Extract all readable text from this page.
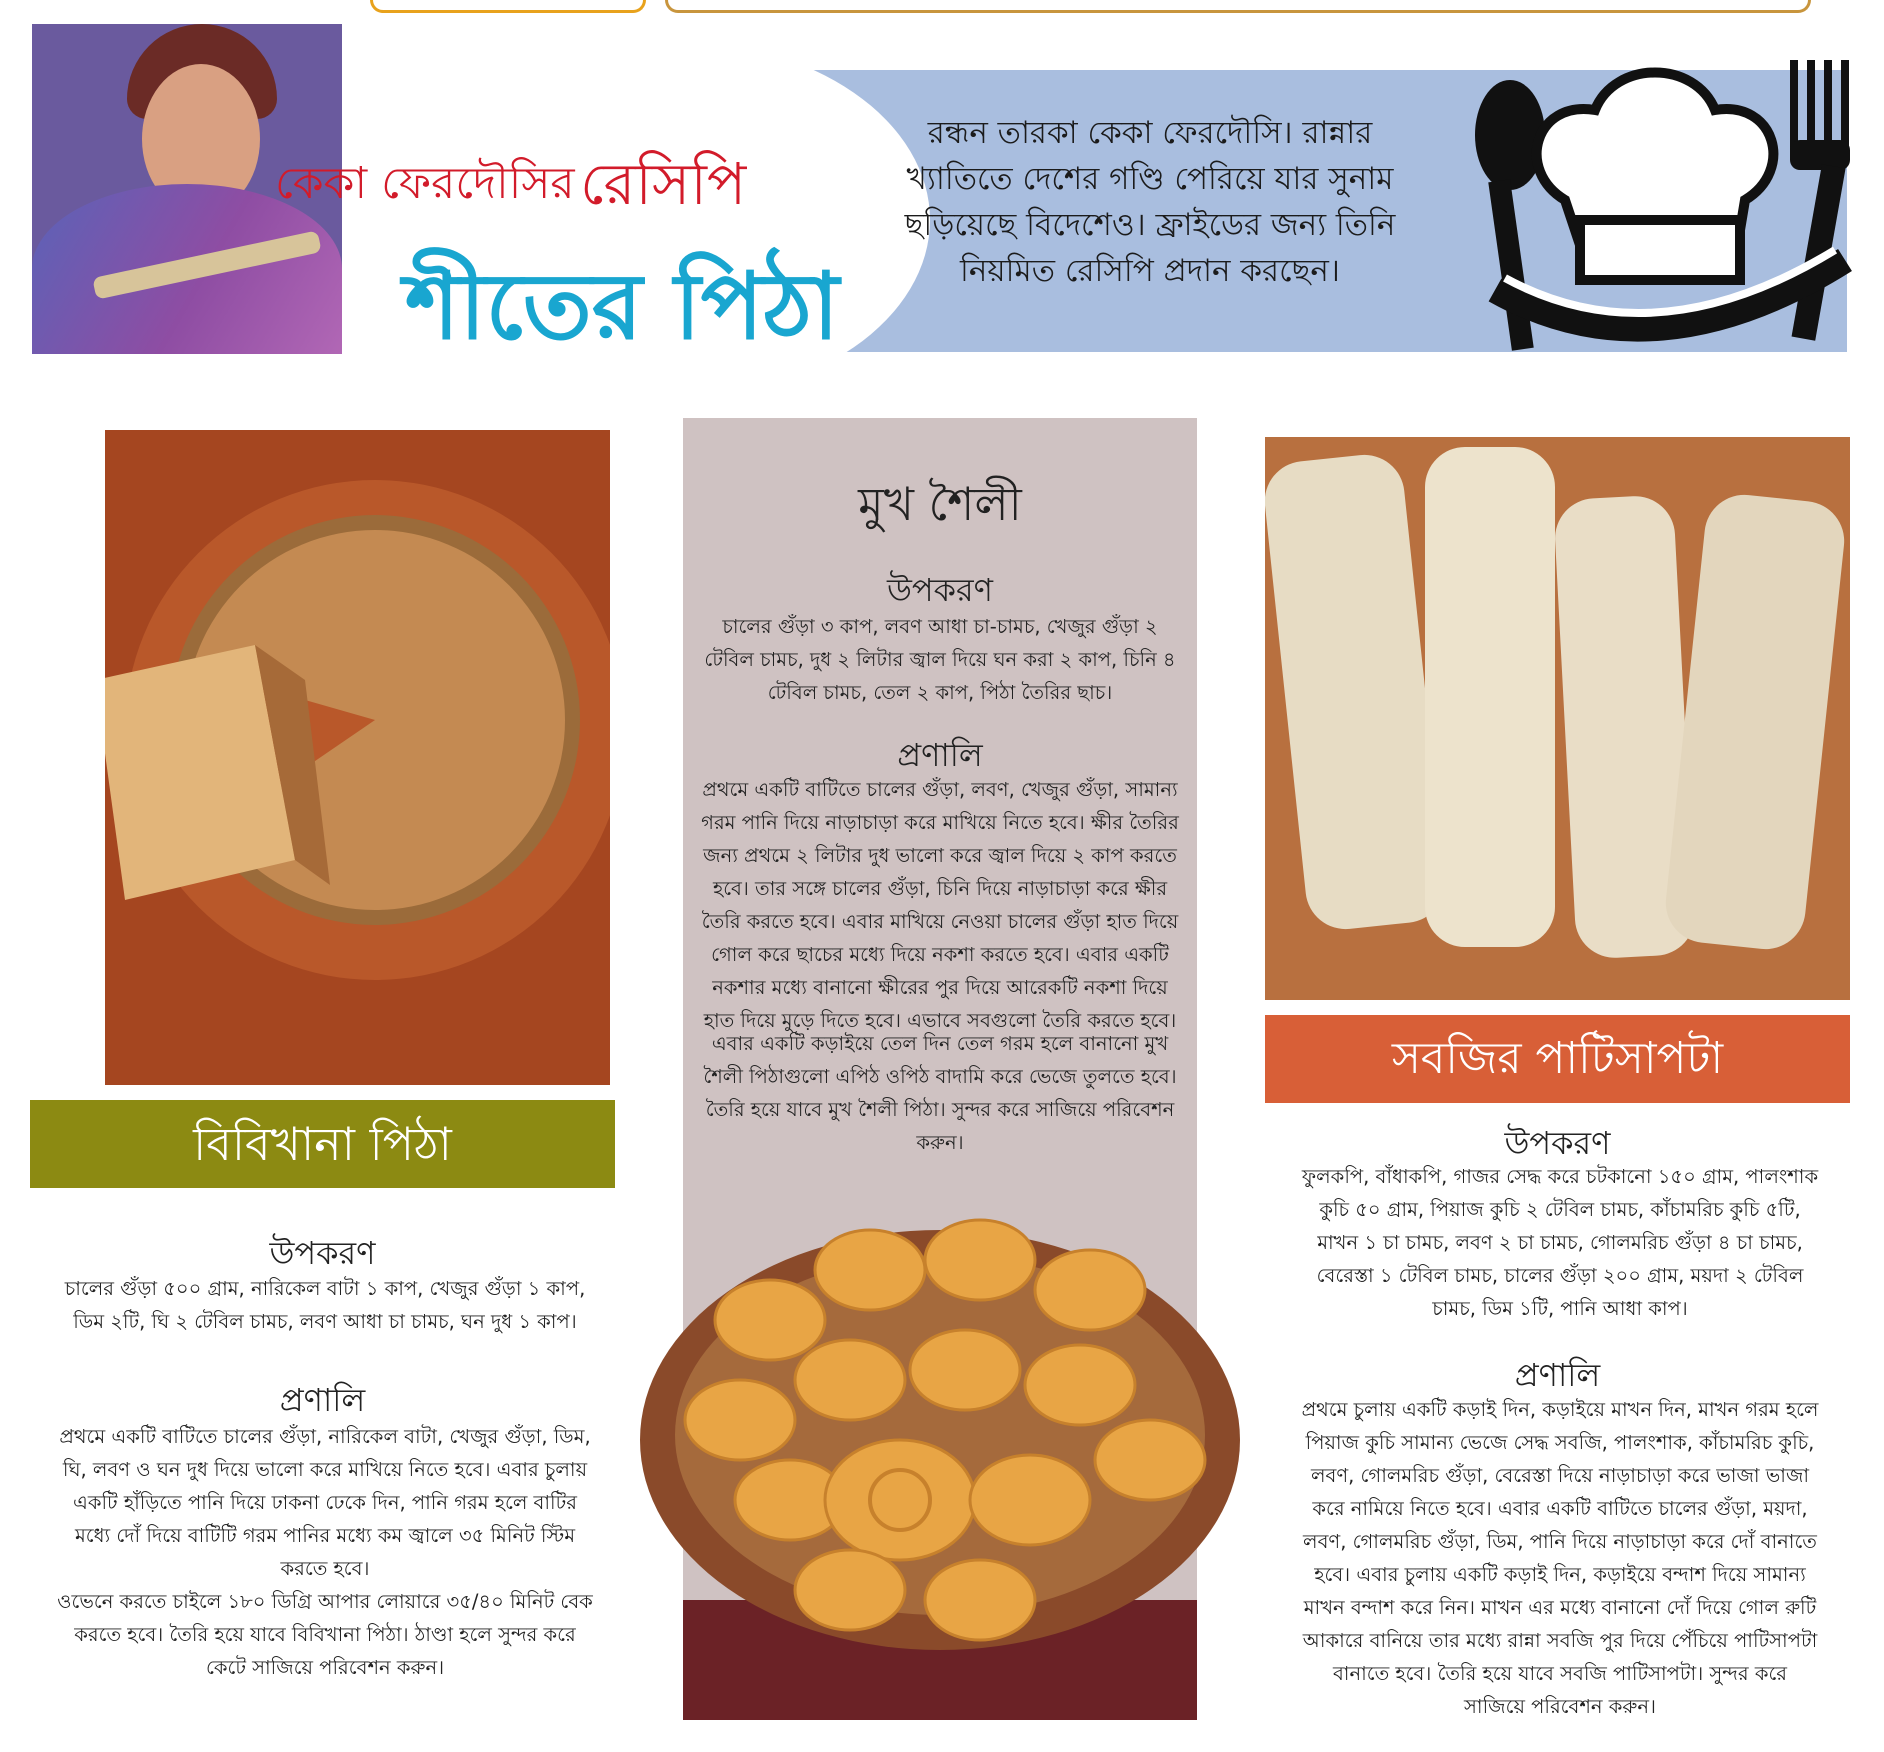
কেকা ফেরদৌসির রেসিপি
শীতের পিঠা
রন্ধন তারকা কেকা ফেরদৌসি। রান্নার
খ্যাতিতে দেশের গণ্ডি পেরিয়ে যার সুনাম
ছড়িয়েছে বিদেশেও। ফ্রাইডের জন্য তিনি
নিয়মিত রেসিপি প্রদান করছেন।
বিবিখানা পিঠা
উপকরণ
চালের গুঁড়া ৫০০ গ্রাম, নারিকেল বাটা ১ কাপ, খেজুর গুঁড়া ১ কাপ, ডিম ২টি, ঘি ২ টেবিল চামচ, লবণ আধা চা চামচ, ঘন দুধ ১ কাপ।
প্রণালি
প্রথমে একটি বাটিতে চালের গুঁড়া, নারিকেল বাটা, খেজুর গুঁড়া, ডিম, ঘি, লবণ ও ঘন দুধ দিয়ে ভালো করে মাখিয়ে নিতে হবে। এবার চুলায় একটি হাঁড়িতে পানি দিয়ে ঢাকনা ঢেকে দিন, পানি গরম হলে বাটির মধ্যে দোঁ দিয়ে বাটিটি গরম পানির মধ্যে কম জ্বালে ৩৫ মিনিট স্টিম করতে হবে।
ওভেনে করতে চাইলে ১৮০ ডিগ্রি আপার লোয়ারে ৩৫/৪০ মিনিট বেক করতে হবে। তৈরি হয়ে যাবে বিবিখানা পিঠা। ঠাণ্ডা হলে সুন্দর করে কেটে সাজিয়ে পরিবেশন করুন।
মুখ শৈলী
উপকরণ
চালের গুঁড়া ৩ কাপ, লবণ আধা চা-চামচ, খেজুর গুঁড়া ২ টেবিল চামচ, দুধ ২ লিটার জ্বাল দিয়ে ঘন করা ২ কাপ, চিনি ৪ টেবিল চামচ, তেল ২ কাপ, পিঠা তৈরির ছাচ।
প্রণালি
প্রথমে একটি বাটিতে চালের গুঁড়া, লবণ, খেজুর গুঁড়া, সামান্য গরম পানি দিয়ে নাড়াচাড়া করে মাখিয়ে নিতে হবে। ক্ষীর তৈরির জন্য প্রথমে ২ লিটার দুধ ভালো করে জ্বাল দিয়ে ২ কাপ করতে হবে। তার সঙ্গে চালের গুঁড়া, চিনি দিয়ে নাড়াচাড়া করে ক্ষীর তৈরি করতে হবে। এবার মাখিয়ে নেওয়া চালের গুঁড়া হাত দিয়ে গোল করে ছাচের মধ্যে দিয়ে নকশা করতে হবে। এবার একটি নকশার মধ্যে বানানো ক্ষীরের পুর দিয়ে আরেকটি নকশা দিয়ে হাত দিয়ে মুড়ে দিতে হবে। এভাবে সবগুলো তৈরি করতে হবে।
এবার একটি কড়াইয়ে তেল দিন তেল গরম হলে বানানো মুখ শৈলী পিঠাগুলো এপিঠ ওপিঠ বাদামি করে ভেজে তুলতে হবে। তৈরি হয়ে যাবে মুখ শৈলী পিঠা। সুন্দর করে সাজিয়ে পরিবেশন করুন।
সবজির পাটিসাপটা
উপকরণ
ফুলকপি, বাঁধাকপি, গাজর সেদ্ধ করে চটকানো ১৫০ গ্রাম, পালংশাক কুচি ৫০ গ্রাম, পিয়াজ কুচি ২ টেবিল চামচ, কাঁচামরিচ কুচি ৫টি, মাখন ১ চা চামচ, লবণ ২ চা চামচ, গোলমরিচ গুঁড়া ৪ চা চামচ, বেরেস্তা ১ টেবিল চামচ, চালের গুঁড়া ২০০ গ্রাম, ময়দা ২ টেবিল চামচ, ডিম ১টি, পানি আধা কাপ।
প্রণালি
প্রথমে চুলায় একটি কড়াই দিন, কড়াইয়ে মাখন দিন, মাখন গরম হলে পিয়াজ কুচি সামান্য ভেজে সেদ্ধ সবজি, পালংশাক, কাঁচামরিচ কুচি, লবণ, গোলমরিচ গুঁড়া, বেরেস্তা দিয়ে নাড়াচাড়া করে ভাজা ভাজা করে নামিয়ে নিতে হবে। এবার একটি বাটিতে চালের গুঁড়া, ময়দা, লবণ, গোলমরিচ গুঁড়া, ডিম, পানি দিয়ে নাড়াচাড়া করে দোঁ বানাতে হবে। এবার চুলায় একটি কড়াই দিন, কড়াইয়ে বন্দাশ দিয়ে সামান্য মাখন বন্দাশ করে নিন। মাখন এর মধ্যে বানানো দোঁ দিয়ে গোল রুটি আকারে বানিয়ে তার মধ্যে রান্না সবজি পুর দিয়ে পেঁচিয়ে পাটিসাপটা বানাতে হবে। তৈরি হয়ে যাবে সবজি পাটিসাপটা। সুন্দর করে সাজিয়ে পরিবেশন করুন।
